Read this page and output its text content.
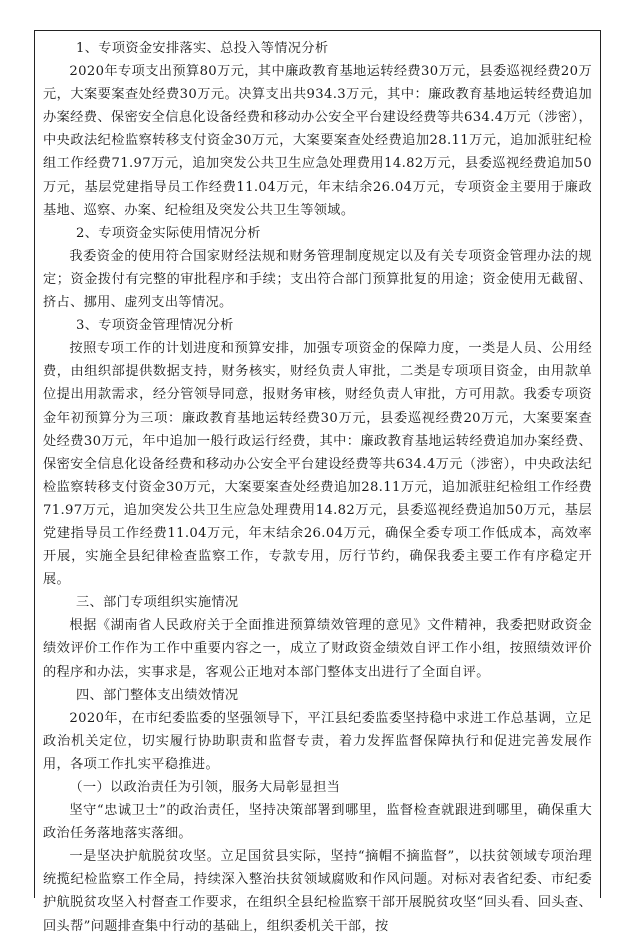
1、专项资金安排落实、总投入等情况分析

2020年专项支出预算80万元，其中廉政教育基地运转经费30万元，县委巡视经费20万元，大案要案查处经费30万元。决算支出共934.3万元，其中：廉政教育基地运转经费追加办案经费、保密安全信息化设备经费和移动办公安全平台建设经费等共634.4万元（涉密），中央政法纪检监察转移支付资金30万元，大案要案查处经费追加28.11万元，追加派驻纪检组工作经费71.97万元，追加突发公共卫生应急处理费用14.82万元，县委巡视经费追加50万元，基层党建指导员工作经费11.04万元，年末结余26.04万元，专项资金主要用于廉政基地、巡察、办案、纪检组及突发公共卫生等领域。

2、专项资金实际使用情况分析

我委资金的使用符合国家财经法规和财务管理制度规定以及有关专项资金管理办法的规定；资金拨付有完整的审批程序和手续；支出符合部门预算批复的用途；资金使用无截留、挤占、挪用、虚列支出等情况。

3、专项资金管理情况分析

按照专项工作的计划进度和预算安排，加强专项资金的保障力度，一类是人员、公用经费，由组织部提供数据支持，财务核实，财经负责人审批，二类是专项项目资金，由用款单位提出用款需求，经分管领导同意，报财务审核，财经负责人审批，方可用款。我委专项资金年初预算分为三项：廉政教育基地运转经费30万元，县委巡视经费20万元，大案要案查处经费30万元，年中追加一般行政运行经费，其中：廉政教育基地运转经费追加办案经费、保密安全信息化设备经费和移动办公安全平台建设经费等共634.4万元（涉密），中央政法纪检监察转移支付资金30万元，大案要案查处经费追加28.11万元，追加派驻纪检组工作经费71.97万元，追加突发公共卫生应急处理费用14.82万元，县委巡视经费追加50万元，基层党建指导员工作经费11.04万元，年末结余26.04万元，确保全委专项工作低成本，高效率开展，实施全县纪律检查监察工作，专款专用，厉行节约，确保我委主要工作有序稳定开展。

三、部门专项组织实施情况

根据《湖南省人民政府关于全面推进预算绩效管理的意见》文件精神，我委把财政资金绩效评价工作作为工作中重要内容之一，成立了财政资金绩效自评工作小组，按照绩效评价的程序和办法，实事求是，客观公正地对本部门整体支出进行了全面自评。

四、部门整体支出绩效情况

2020年，在市纪委监委的坚强领导下，平江县纪委监委坚持稳中求进工作总基调，立足政治机关定位，切实履行协助职责和监督专责，着力发挥监督保障执行和促进完善发展作用，各项工作扎实平稳推进。

（一）以政治责任为引领，服务大局彰显担当

坚守“忠诚卫士”的政治责任，坚持决策部署到哪里，监督检查就跟进到哪里，确保重大政治任务落地落实落细。

一是坚决护航脱贫攻坚。立足国贫县实际，坚持“摘帽不摘监督”，以扶贫领域专项治理统揽纪检监察工作全局，持续深入整治扶贫领域腐败和作风问题。对标对表省纪委、市纪委护航脱贫攻坚入村督查工作要求，在组织全县纪检监察干部开展脱贫攻坚“回头看、回头查、回头帮”问题排查集中行动的基础上，组织委机关干部，按
